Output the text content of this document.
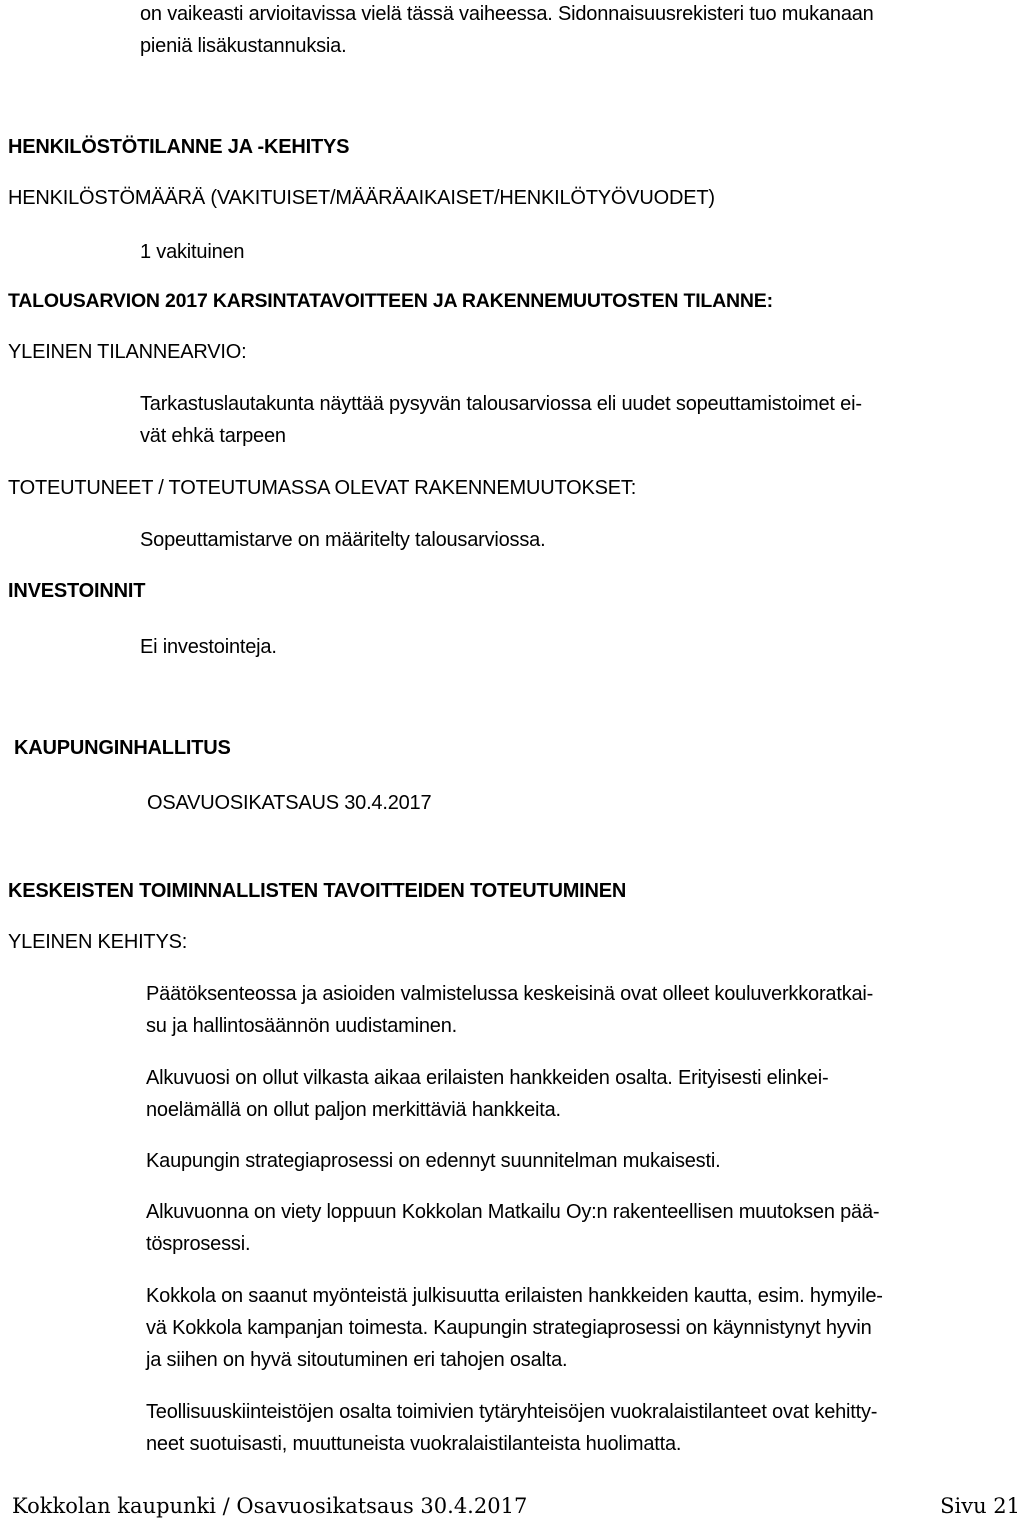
on vaikeasti arvioitavissa vielä tässä vaiheessa. Sidonnaisuusrekisteri tuo mukanaan
pieniä lisäkustannuksia.
HENKILÖSTÖTILANNE JA -KEHITYS
HENKILÖSTÖMÄÄRÄ (VAKITUISET/MÄÄRÄAIKAISET/HENKILÖTYÖVUODET)
1 vakituinen
TALOUSARVION 2017 KARSINTATAVOITTEEN JA RAKENNEMUUTOSTEN TILANNE:
YLEINEN TILANNEARVIO:
Tarkastuslautakunta näyttää pysyvän talousarviossa eli uudet sopeuttamistoimet ei-
vät ehkä tarpeen
TOTEUTUNEET / TOTEUTUMASSA OLEVAT RAKENNEMUUTOKSET:
Sopeuttamistarve on määritelty talousarviossa.
INVESTOINNIT
Ei investointeja.
KAUPUNGINHALLITUS
OSAVUOSIKATSAUS 30.4.2017
KESKEISTEN TOIMINNALLISTEN TAVOITTEIDEN TOTEUTUMINEN
YLEINEN KEHITYS:
Päätöksenteossa ja asioiden valmistelussa keskeisinä ovat olleet kouluverkkoratkai-
su ja hallintosäännön uudistaminen.
Alkuvuosi on ollut vilkasta aikaa erilaisten hankkeiden osalta. Erityisesti elinkei-
noelämällä on ollut paljon merkittäviä hankkeita.
Kaupungin strategiaprosessi on edennyt suunnitelman mukaisesti.
Alkuvuonna on viety loppuun Kokkolan Matkailu Oy:n rakenteellisen muutoksen pää-
tösprosessi.
Kokkola on saanut myönteistä julkisuutta erilaisten hankkeiden kautta, esim. hymyile-
vä Kokkola kampanjan toimesta. Kaupungin strategiaprosessi on käynnistynyt hyvin
ja siihen on hyvä sitoutuminen eri tahojen osalta.
Teollisuuskiinteistöjen osalta toimivien tytäryhteisöjen vuokralaistilanteet ovat kehitty-
neet suotuisasti, muuttuneista vuokralaistilanteista huolimatta.
Kokkolan kaupunki / Osavuosikatsaus 30.4.2017	Sivu 21
